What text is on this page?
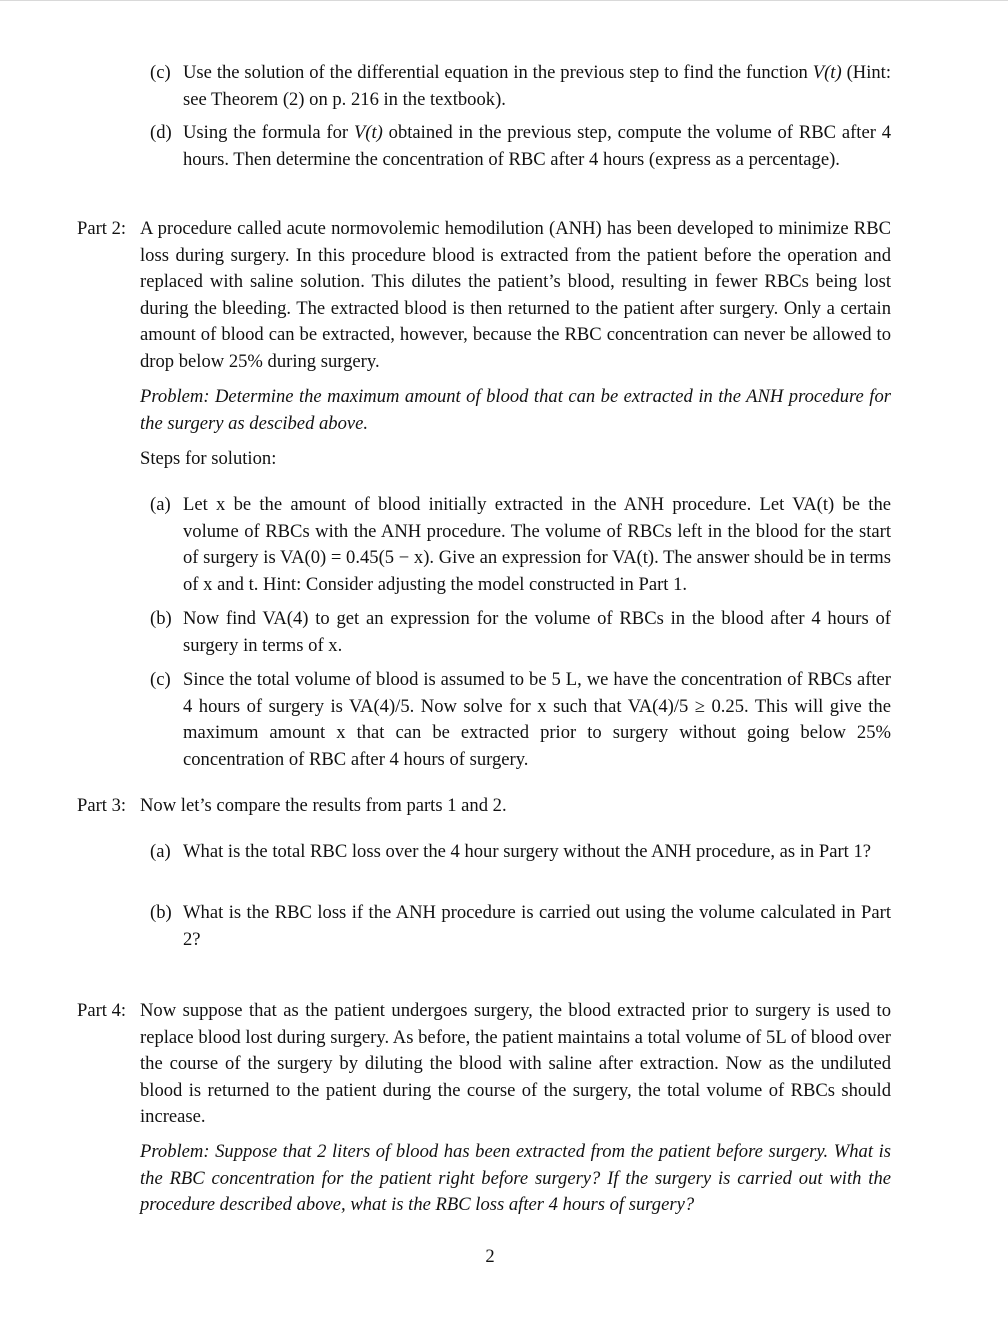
(c) Use the solution of the differential equation in the previous step to find the function V(t) (Hint: see Theorem (2) on p. 216 in the textbook).

(d) Using the formula for V(t) obtained in the previous step, compute the volume of RBC after 4 hours. Then determine the concentration of RBC after 4 hours (express as a percentage).

Part 2: A procedure called acute normovolemic hemodilution (ANH) has been developed to minimize RBC loss during surgery. In this procedure blood is extracted from the patient before the operation and replaced with saline solution. This dilutes the patient’s blood, resulting in fewer RBCs being lost during the bleeding. The extracted blood is then returned to the patient after surgery. Only a certain amount of blood can be extracted, however, because the RBC concentration can never be allowed to drop below 25% during surgery.

Problem: Determine the maximum amount of blood that can be extracted in the ANH procedure for the surgery as descibed above.

Steps for solution:

(a) Let x be the amount of blood initially extracted in the ANH procedure. Let VA(t) be the volume of RBCs with the ANH procedure. The volume of RBCs left in the blood for the start of surgery is VA(0) = 0.45(5 − x). Give an expression for VA(t). The answer should be in terms of x and t. Hint: Consider adjusting the model constructed in Part 1.

(b) Now find VA(4) to get an expression for the volume of RBCs in the blood after 4 hours of surgery in terms of x.

(c) Since the total volume of blood is assumed to be 5 L, we have the concentration of RBCs after 4 hours of surgery is VA(4)/5. Now solve for x such that VA(4)/5 ≥ 0.25. This will give the maximum amount x that can be extracted prior to surgery without going below 25% concentration of RBC after 4 hours of surgery.

Part 3: Now let’s compare the results from parts 1 and 2.

(a) What is the total RBC loss over the 4 hour surgery without the ANH procedure, as in Part 1?

(b) What is the RBC loss if the ANH procedure is carried out using the volume calculated in Part 2?

Part 4: Now suppose that as the patient undergoes surgery, the blood extracted prior to surgery is used to replace blood lost during surgery. As before, the patient maintains a total volume of 5L of blood over the course of the surgery by diluting the blood with saline after extraction. Now as the undiluted blood is returned to the patient during the course of the surgery, the total volume of RBCs should increase.

Problem: Suppose that 2 liters of blood has been extracted from the patient before surgery. What is the RBC concentration for the patient right before surgery? If the surgery is carried out with the procedure described above, what is the RBC loss after 4 hours of surgery?

2
